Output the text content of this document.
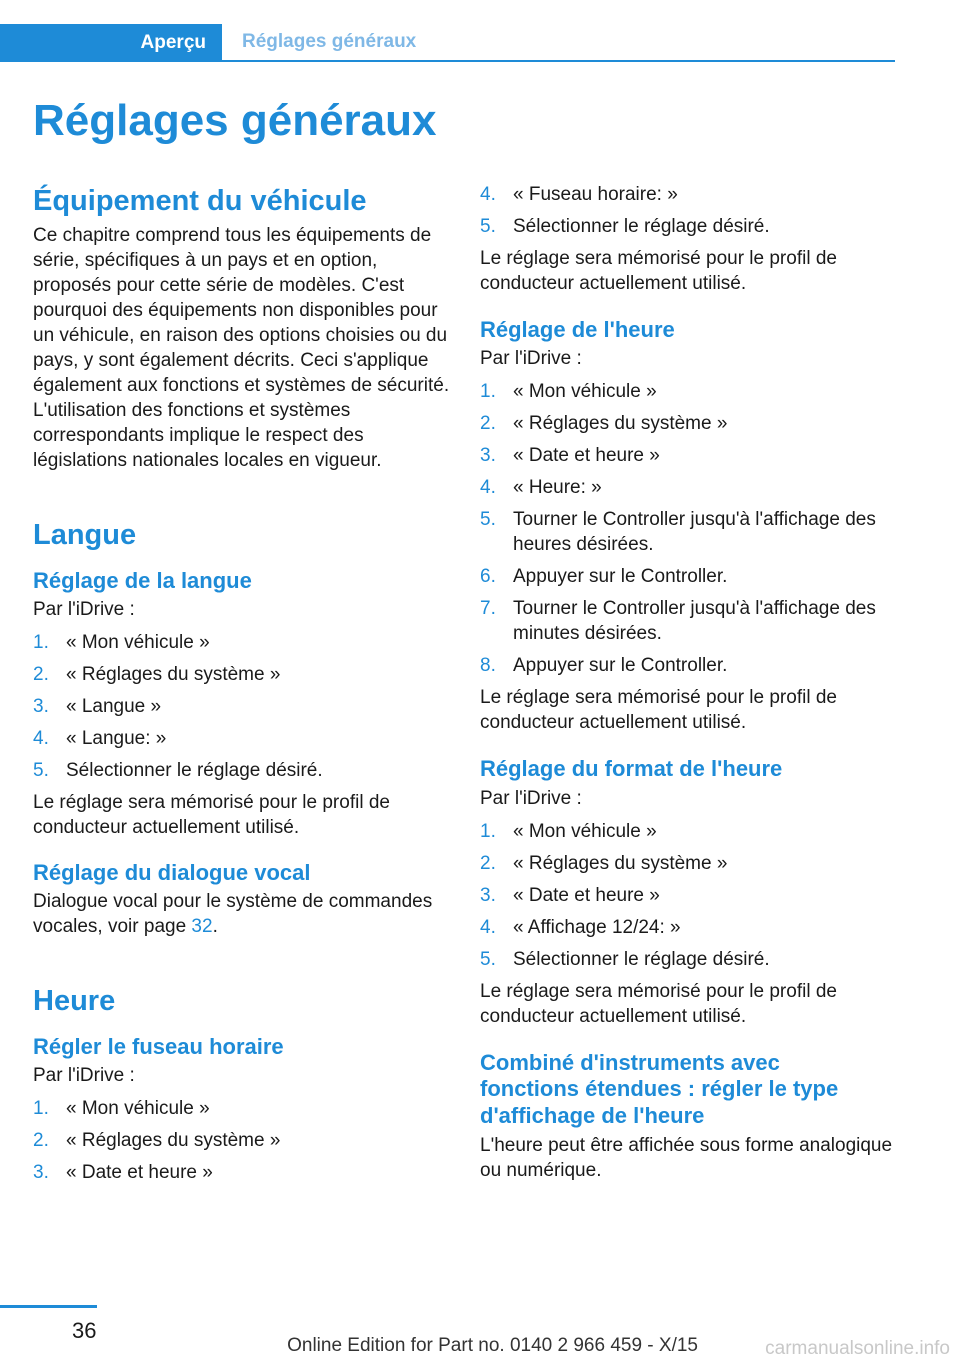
Aperçu	Réglages généraux
Réglages généraux
Équipement du véhicule

Ce chapitre comprend tous les équipements de série, spécifiques à un pays et en option, proposés pour cette série de modèles. C'est pourquoi des équipements non disponibles pour un véhicule, en raison des options choisies ou du pays, y sont également décrits. Ceci s'applique également aux fonctions et systèmes de sécurité. L'utilisation des fonctions et systèmes correspondants implique le respect des législations nationales locales en vigueur.

Langue
Réglage de la langue

Par l'iDrive :

1. « Mon véhicule »
2. « Réglages du système »
3. « Langue »
4. « Langue: »
5. Sélectionner le réglage désiré.

Le réglage sera mémorisé pour le profil de conducteur actuellement utilisé.

Réglage du dialogue vocal

Dialogue vocal pour le système de commandes vocales, voir page 32.

Heure
Régler le fuseau horaire

Par l'iDrive :

1. « Mon véhicule »
2. « Réglages du système »
3. « Date et heure »
4. « Fuseau horaire: »
5. Sélectionner le réglage désiré.

Le réglage sera mémorisé pour le profil de conducteur actuellement utilisé.

Réglage de l'heure

Par l'iDrive :

1. « Mon véhicule »
2. « Réglages du système »
3. « Date et heure »
4. « Heure: »
5. Tourner le Controller jusqu'à l'affichage des heures désirées.
6. Appuyer sur le Controller.
7. Tourner le Controller jusqu'à l'affichage des minutes désirées.
8. Appuyer sur le Controller.

Le réglage sera mémorisé pour le profil de conducteur actuellement utilisé.

Réglage du format de l'heure

Par l'iDrive :

1. « Mon véhicule »
2. « Réglages du système »
3. « Date et heure »
4. « Affichage 12/24: »
5. Sélectionner le réglage désiré.

Le réglage sera mémorisé pour le profil de conducteur actuellement utilisé.

Combiné d'instruments avec fonctions étendues : régler le type d'affichage de l'heure

L'heure peut être affichée sous forme analogique ou numérique.

36
Online Edition for Part no. 0140 2 966 459 - X/15	carmanualsonline.info
